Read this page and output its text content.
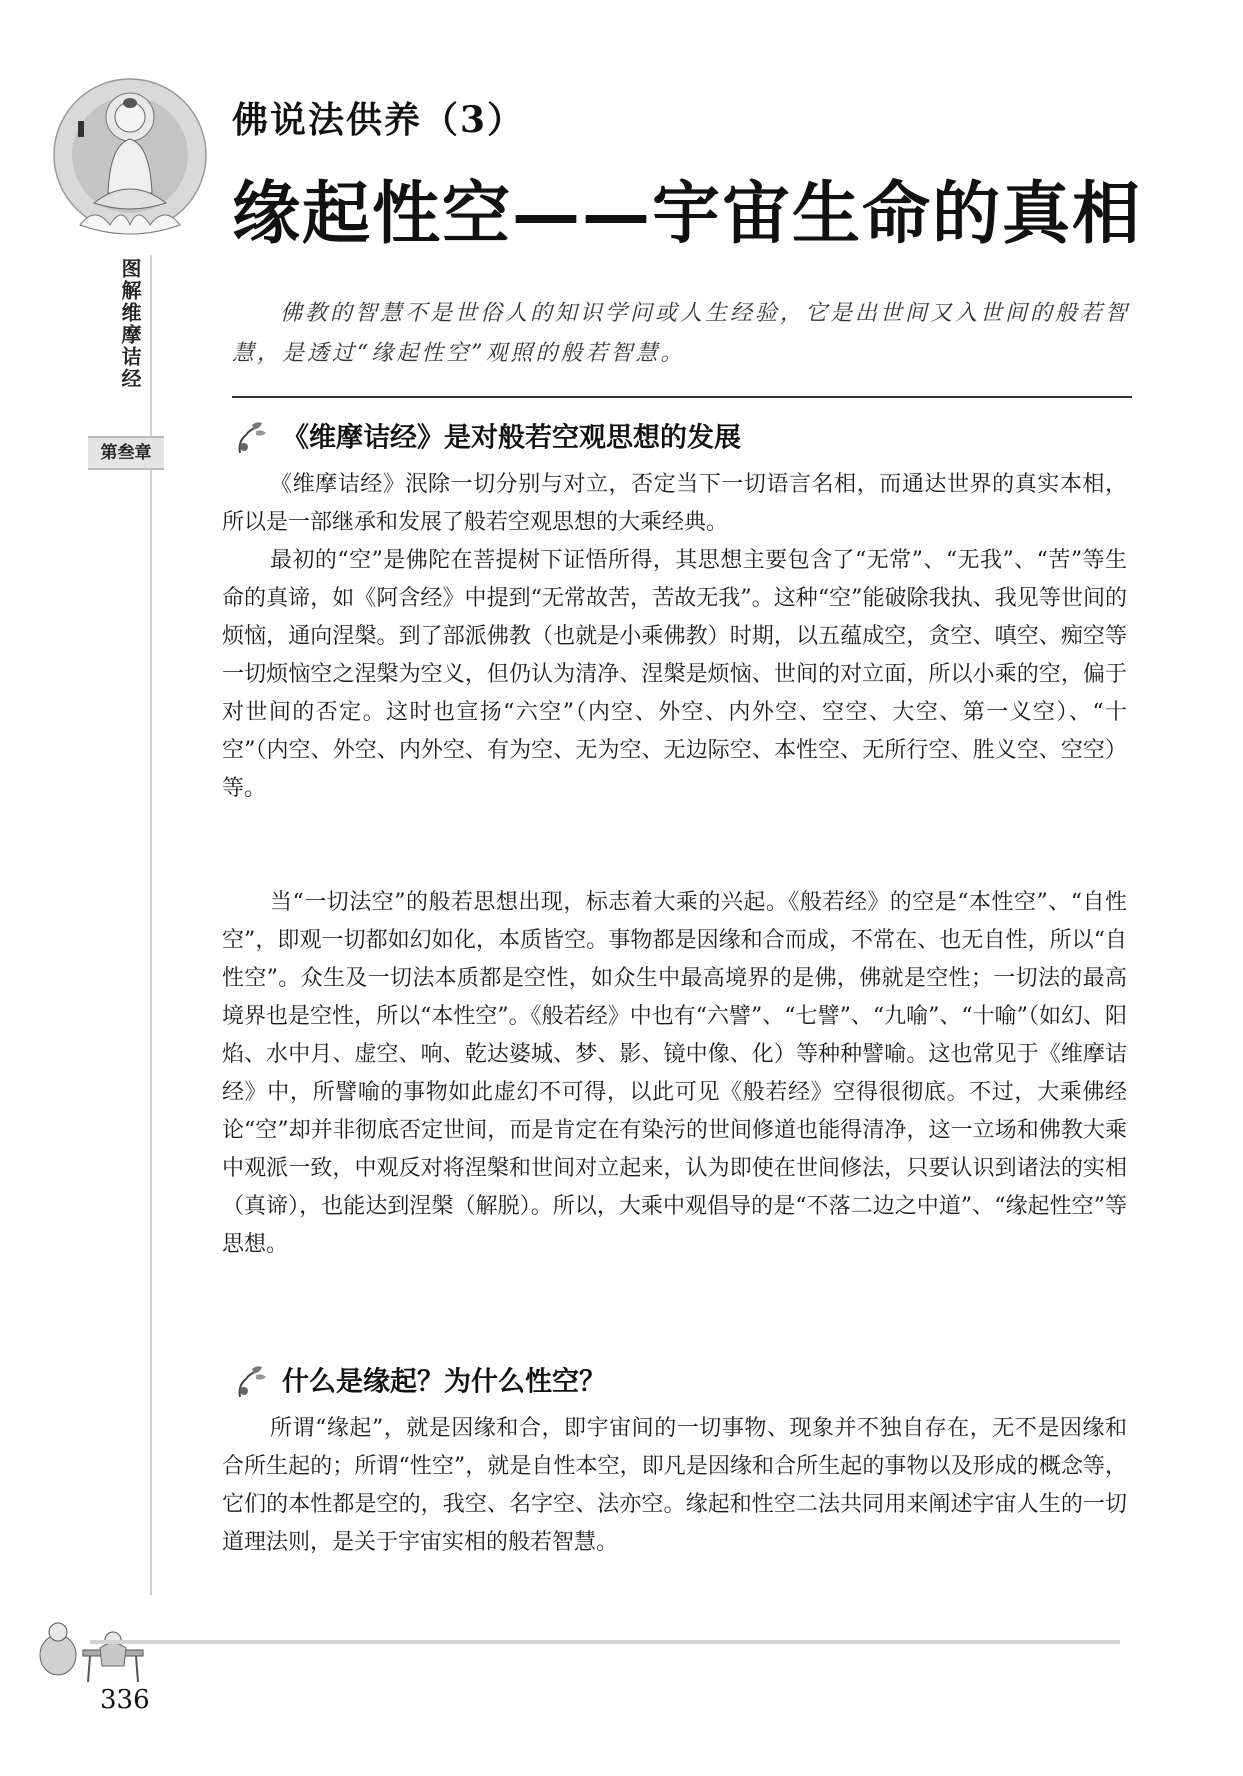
图解维摩诘经
第叁章
佛说法供养（3）
缘起性空——宇宙生命的真相
佛教的智慧不是世俗人的知识学问或人生经验，它是出世间又入世间的般若智慧，是透过“缘起性空”观照的般若智慧。
《维摩诘经》是对般若空观思想的发展
《维摩诘经》泯除一切分别与对立，否定当下一切语言名相，而通达世界的真实本相，所以是一部继承和发展了般若空观思想的大乘经典。
最初的“空”是佛陀在菩提树下证悟所得，其思想主要包含了“无常”、“无我”、“苦”等生命的真谛，如《阿含经》中提到“无常故苦，苦故无我”。这种“空”能破除我执、我见等世间的烦恼，通向涅槃。到了部派佛教（也就是小乘佛教）时期，以五蕴成空，贪空、嗔空、痴空等一切烦恼空之涅槃为空义，但仍认为清净、涅槃是烦恼、世间的对立面，所以小乘的空，偏于对世间的否定。这时也宣扬“六空”（内空、外空、内外空、空空、大空、第一义空）、“十空”（内空、外空、内外空、有为空、无为空、无边际空、本性空、无所行空、胜义空、空空）等。
当“一切法空”的般若思想出现，标志着大乘的兴起。《般若经》的空是“本性空”、“自性空”，即观一切都如幻如化，本质皆空。事物都是因缘和合而成，不常在、也无自性，所以“自性空”。众生及一切法本质都是空性，如众生中最高境界的是佛，佛就是空性；一切法的最高境界也是空性，所以“本性空”。《般若经》中也有“六譬”、“七譬”、“九喻”、“十喻”（如幻、阳焰、水中月、虚空、响、乾达婆城、梦、影、镜中像、化）等种种譬喻。这也常见于《维摩诘经》中，所譬喻的事物如此虚幻不可得，以此可见《般若经》空得很彻底。不过，大乘佛经论“空”却并非彻底否定世间，而是肯定在有染污的世间修道也能得清净，这一立场和佛教大乘中观派一致，中观反对将涅槃和世间对立起来，认为即使在世间修法，只要认识到诸法的实相（真谛），也能达到涅槃（解脱）。所以，大乘中观倡导的是“不落二边之中道”、“缘起性空”等思想。
什么是缘起？为什么性空？
所谓“缘起”，就是因缘和合，即宇宙间的一切事物、现象并不独自存在，无不是因缘和合所生起的；所谓“性空”，就是自性本空，即凡是因缘和合所生起的事物以及形成的概念等，它们的本性都是空的，我空、名字空、法亦空。缘起和性空二法共同用来阐述宇宙人生的一切道理法则，是关于宇宙实相的般若智慧。
336
